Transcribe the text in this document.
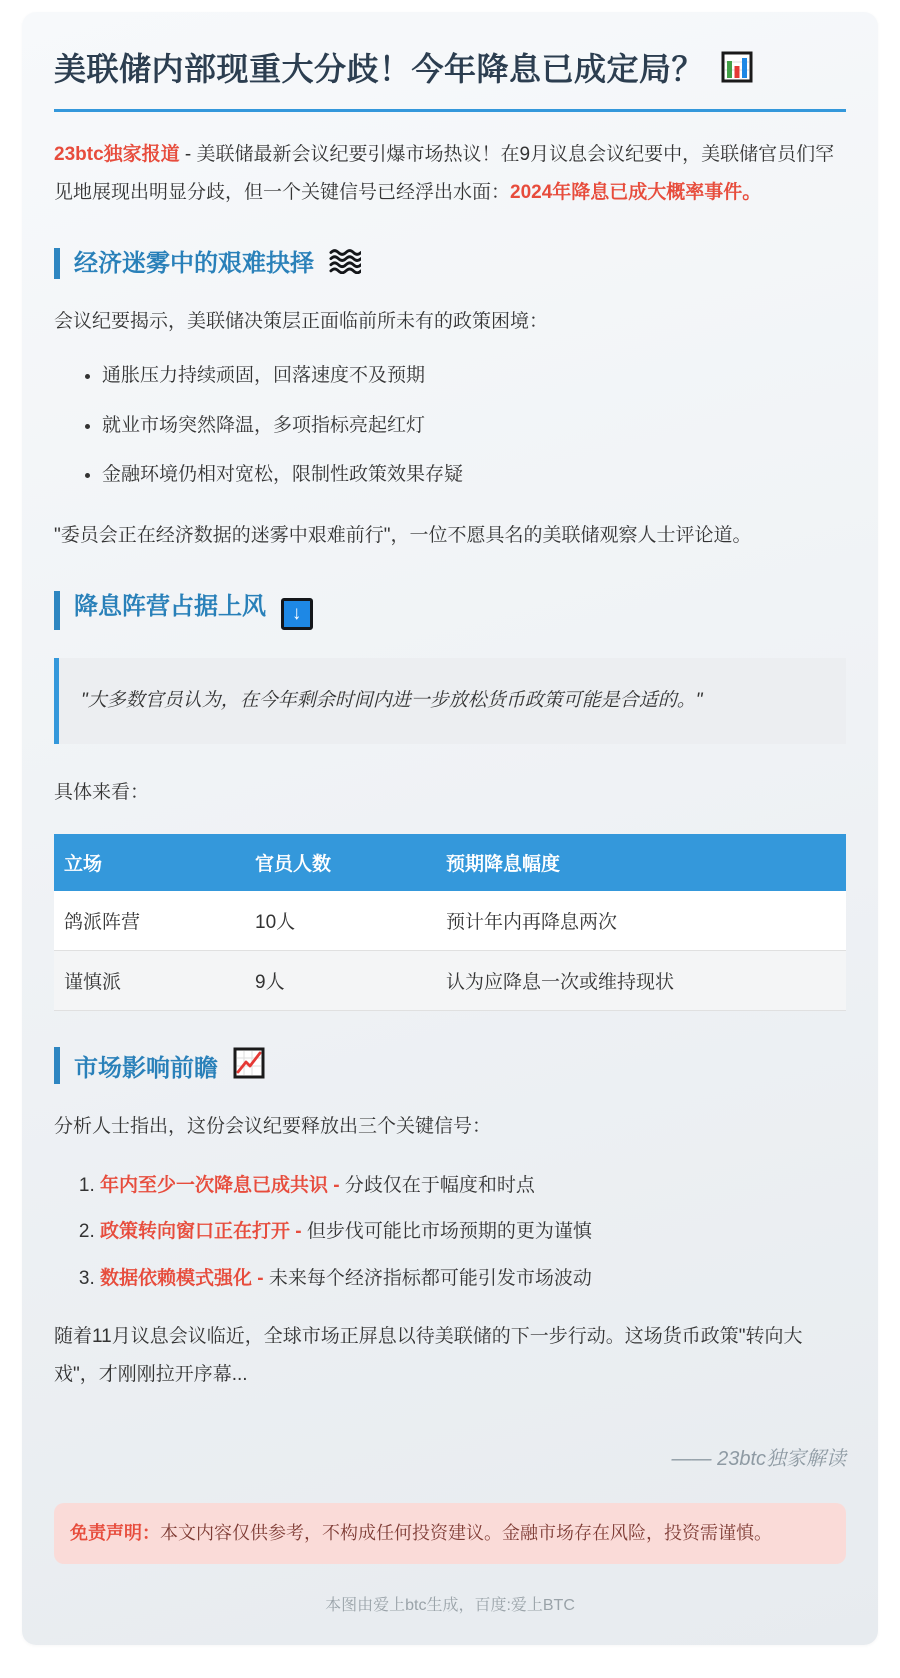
美联储内部现重大分歧！今年降息已成定局？

23btc独家报道 - 美联储最新会议纪要引爆市场热议！在9月议息会议纪要中，美联储官员们罕见地展现出明显分歧，但一个关键信号已经浮出水面：2024年降息已成大概率事件。

经济迷雾中的艰难抉择

会议纪要揭示，美联储决策层正面临前所未有的政策困境：

• 通胀压力持续顽固，回落速度不及预期
• 就业市场突然降温，多项指标亮起红灯
• 金融环境仍相对宽松，限制性政策效果存疑

"委员会正在经济数据的迷雾中艰难前行"，一位不愿具名的美联储观察人士评论道。

降息阵营占据上风 ↓

"大多数官员认为，在今年剩余时间内进一步放松货币政策可能是合适的。"

具体来看：

立场	官员人数	预期降息幅度
鸽派阵营	10人	预计年内再降息两次
谨慎派	9人	认为应降息一次或维持现状
市场影响前瞻

分析人士指出，这份会议纪要释放出三个关键信号：

1. 年内至少一次降息已成共识 - 分歧仅在于幅度和时点
2. 政策转向窗口正在打开 - 但步伐可能比市场预期的更为谨慎
3. 数据依赖模式强化 - 未来每个经济指标都可能引发市场波动

随着11月议息会议临近，全球市场正屏息以待美联储的下一步行动。这场货币政策"转向大戏"，才刚刚拉开序幕...

—— 23btc独家解读

免责声明：本文内容仅供参考，不构成任何投资建议。金融市场存在风险，投资需谨慎。
本图由爱上btc生成，百度:爱上BTC
